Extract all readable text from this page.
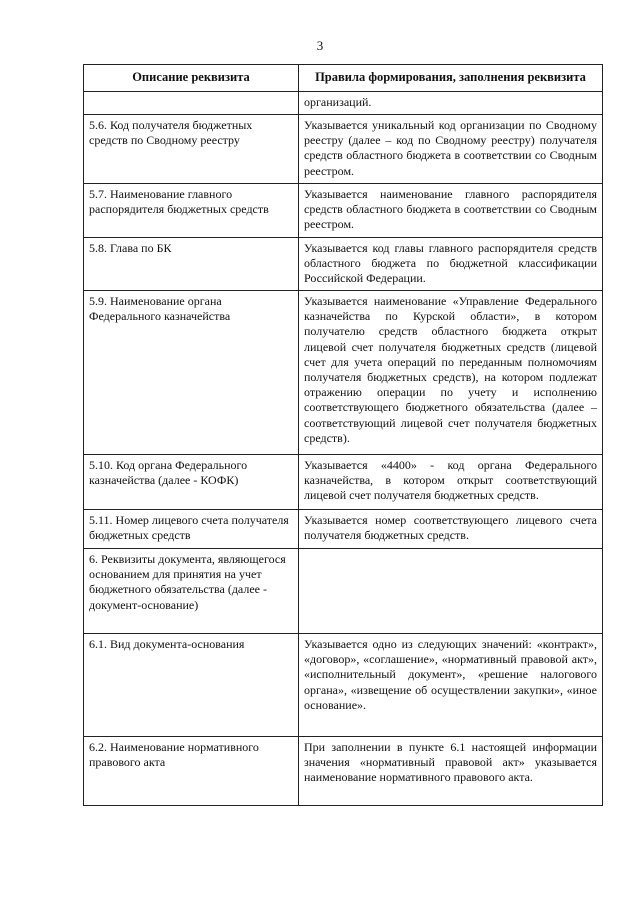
3
Описание реквизита	Правила формирования, заполнения реквизита
	организаций.
5.6. Код получателя бюджетных средств по Сводному реестру	Указывается уникальный код организации по Сводному реестру (далее – код по Сводному реестру) получателя средств областного бюджета в соответствии со Сводным реестром.
5.7. Наименование главного распорядителя бюджетных средств	Указывается наименование главного распорядителя средств областного бюджета в соответствии со Сводным реестром.
5.8. Глава по БК	Указывается код главы главного распорядителя средств областного бюджета по бюджетной классификации Российской Федерации.
5.9. Наименование органа Федерального казначейства	Указывается наименование «Управление Федерального казначейства по Курской области», в котором получателю средств областного бюджета открыт лицевой счет получателя бюджетных средств (лицевой счет для учета операций по переданным полномочиям получателя бюджетных средств), на котором подлежат отражению операции по учету и исполнению соответствующего бюджетного обязательства (далее – соответствующий лицевой счет получателя бюджетных средств).
5.10. Код органа Федерального казначейства (далее - КОФК)	Указывается «4400» - код органа Федерального казначейства, в котором открыт соответствующий лицевой счет получателя бюджетных средств.
5.11. Номер лицевого счета получателя бюджетных средств	Указывается номер соответствующего лицевого счета получателя бюджетных средств.
6. Реквизиты документа, являющегося основанием для принятия на учет бюджетного обязательства (далее - документ-основание)	
6.1. Вид документа-основания	Указывается одно из следующих значений: «контракт», «договор», «соглашение», «нормативный правовой акт», «исполнительный документ», «решение налогового органа», «извещение об осуществлении закупки», «иное основание».
6.2. Наименование нормативного правового акта	При заполнении в пункте 6.1 настоящей информации значения «нормативный правовой акт» указывается наименование нормативного правового акта.
